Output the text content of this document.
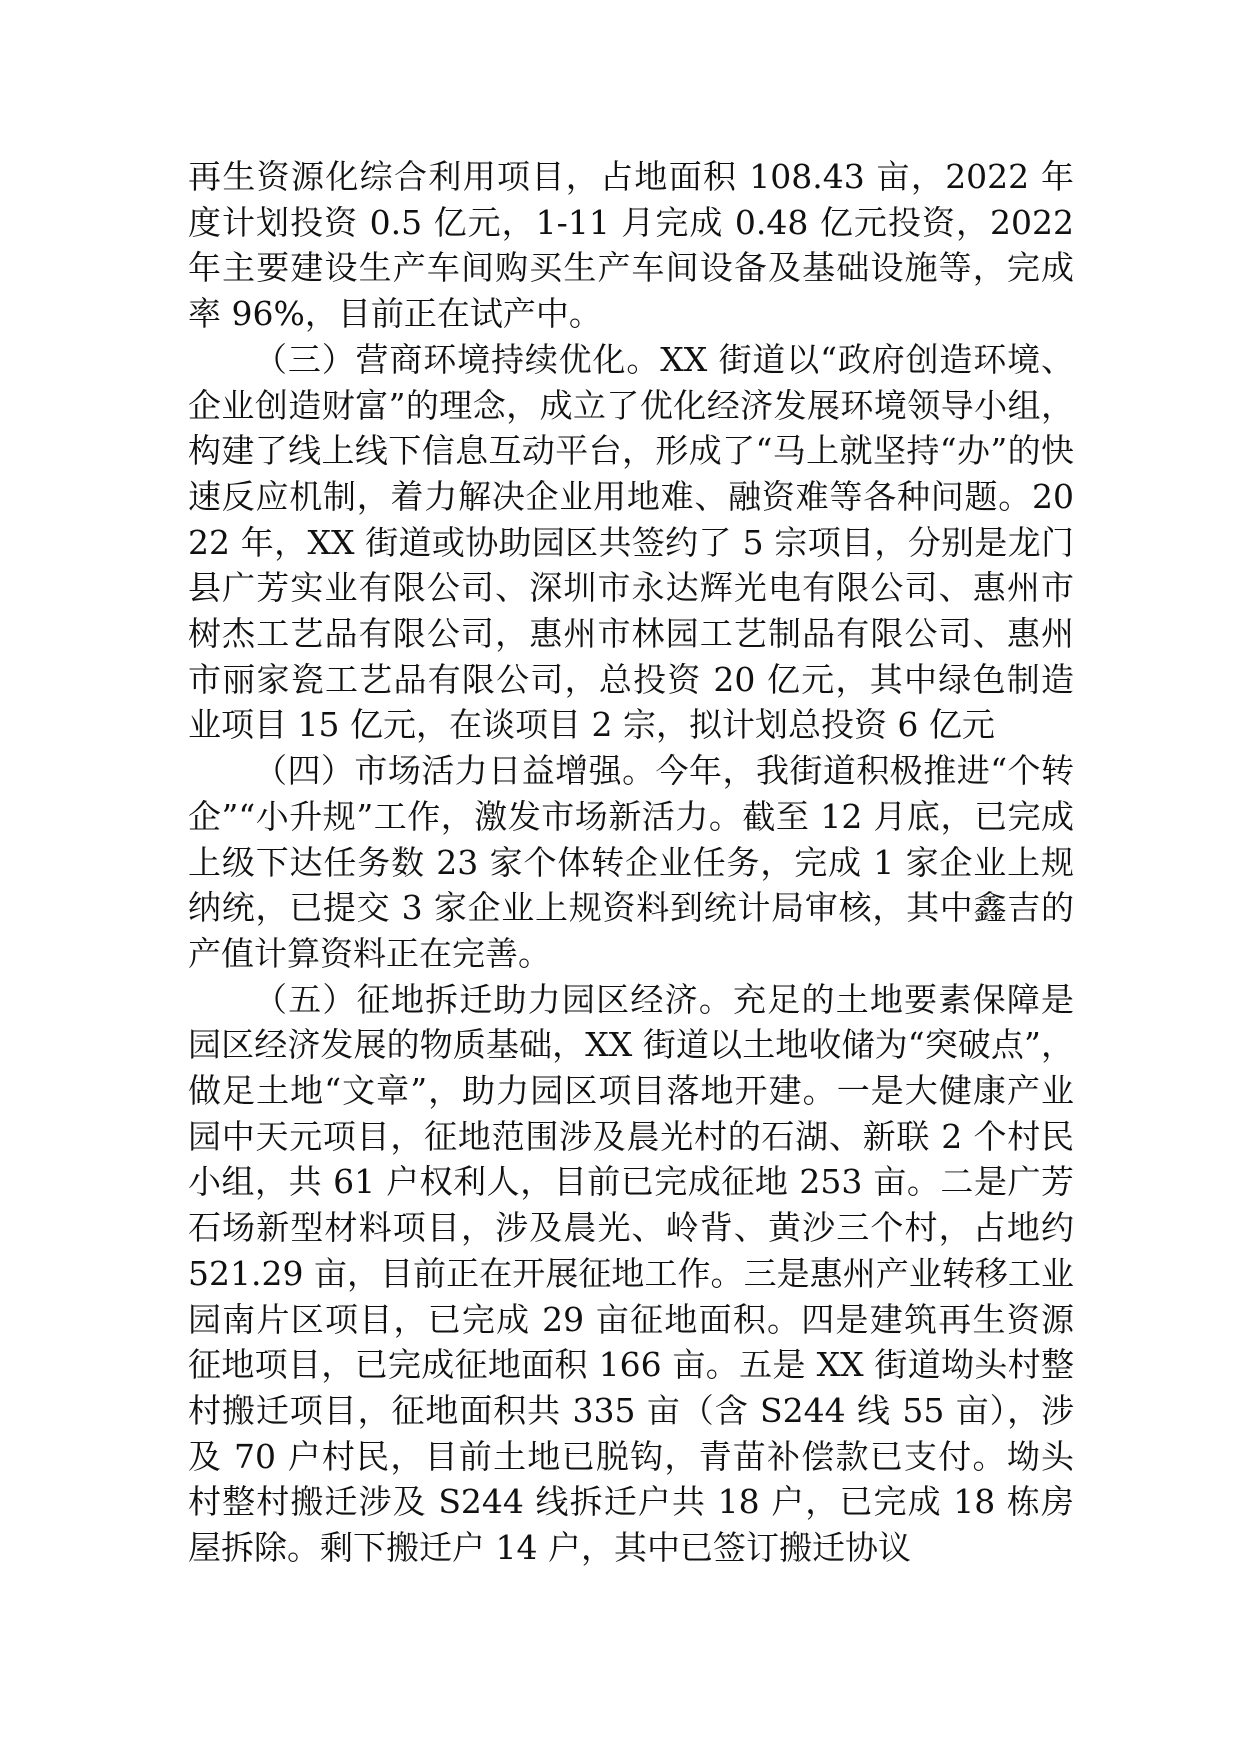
再生资源化综合利用项目，占地面积 108.43 亩，2022 年度计划投资 0.5 亿元，1-11 月完成 0.48 亿元投资，2022 年主要建设生产车间购买生产车间设备及基础设施等，完成率 96%，目前正在试产中。

（三）营商环境持续优化。XX 街道以“政府创造环境、企业创造财富”的理念，成立了优化经济发展环境领导小组，构建了线上线下信息互动平台，形成了“马上就坚持“办”的快速反应机制，着力解决企业用地难、融资难等各种问题。2022 年，XX 街道或协助园区共签约了 5 宗项目，分别是龙门县广芳实业有限公司、深圳市永达辉光电有限公司、惠州市树杰工艺品有限公司，惠州市林园工艺制品有限公司、惠州市丽家瓷工艺品有限公司，总投资 20 亿元，其中绿色制造业项目 15 亿元，在谈项目 2 宗，拟计划总投资 6 亿元

（四）市场活力日益增强。今年，我街道积极推进“个转企”“小升规”工作，激发市场新活力。截至 12 月底，已完成上级下达任务数 23 家个体转企业任务，完成 1 家企业上规纳统，已提交 3 家企业上规资料到统计局审核，其中鑫吉的产值计算资料正在完善。

（五）征地拆迁助力园区经济。充足的土地要素保障是园区经济发展的物质基础，XX 街道以土地收储为“突破点”，做足土地“文章”，助力园区项目落地开建。一是大健康产业园中天元项目，征地范围涉及晨光村的石湖、新联 2 个村民小组，共 61 户权利人，目前已完成征地 253 亩。二是广芳石场新型材料项目，涉及晨光、岭背、黄沙三个村，占地约 521.29 亩，目前正在开展征地工作。三是惠州产业转移工业园南片区项目，已完成 29 亩征地面积。四是建筑再生资源征地项目，已完成征地面积 166 亩。五是 XX 街道坳头村整村搬迁项目，征地面积共 335 亩（含 S244 线 55 亩），涉及 70 户村民，目前土地已脱钩，青苗补偿款已支付。坳头村整村搬迁涉及 S244 线拆迁户共 18 户，已完成 18 栋房屋拆除。剩下搬迁户 14 户，其中已签订搬迁协议
